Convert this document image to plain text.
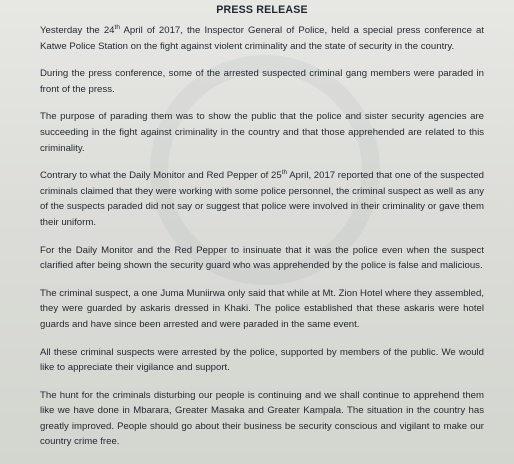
PRESS RELEASE

Yesterday the 24th April of 2017, the Inspector General of Police, held a special press conference at Katwe Police Station on the fight against violent criminality and the state of security in the country.

During the press conference, some of the arrested suspected criminal gang members were paraded in front of the press.

The purpose of parading them was to show the public that the police and sister security agencies are succeeding in the fight against criminality in the country and that those apprehended are related to this criminality.

Contrary to what the Daily Monitor and Red Pepper of 25th April, 2017 reported that one of the suspected criminals claimed that they were working with some police personnel, the criminal suspect as well as any of the suspects paraded did not say or suggest that police were involved in their criminality or gave them their uniform.

For the Daily Monitor and the Red Pepper to insinuate that it was the police even when the suspect clarified after being shown the security guard who was apprehended by the police is false and malicious.

The criminal suspect, a one Juma Muniirwa only said that while at Mt. Zion Hotel where they assembled, they were guarded by askaris dressed in Khaki. The police established that these askaris were hotel guards and have since been arrested and were paraded in the same event.

All these criminal suspects were arrested by the police, supported by members of the public. We would like to appreciate their vigilance and support.

The hunt for the criminals disturbing our people is continuing and we shall continue to apprehend them like we have done in Mbarara, Greater Masaka and Greater Kampala. The situation in the country has greatly improved. People should go about their business be security conscious and vigilant to make our country crime free.
